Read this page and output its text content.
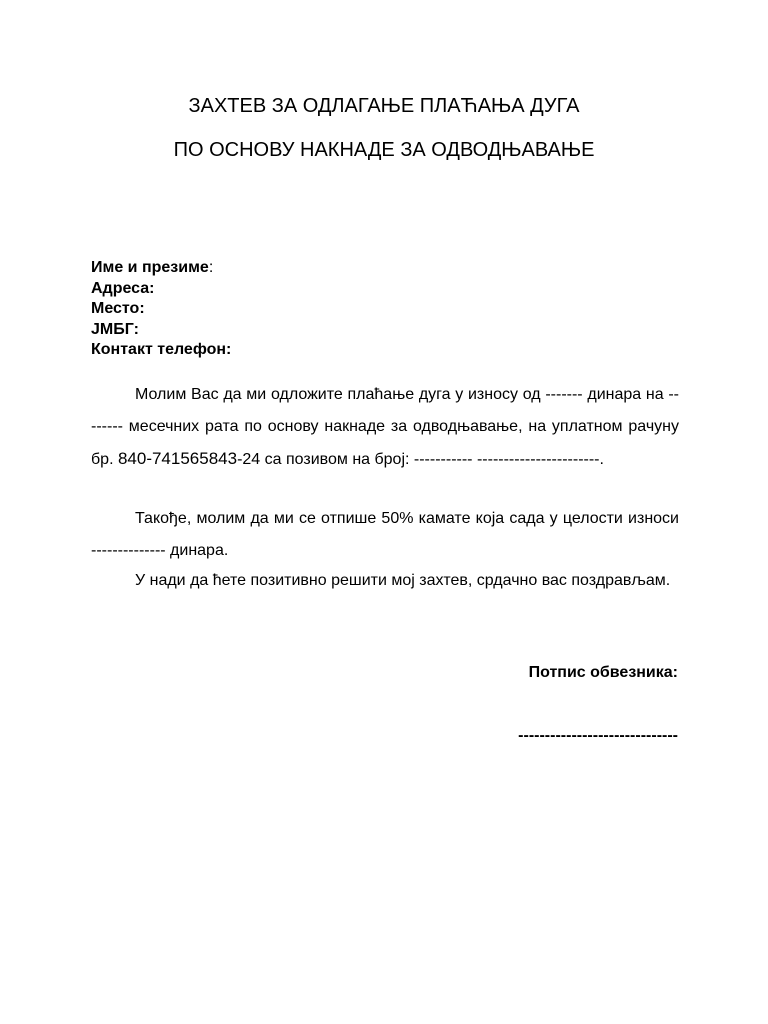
ЗАХТЕВ ЗА ОДЛАГАЊЕ ПЛАЋАЊА ДУГА
ПО ОСНОВУ НАКНАДЕ ЗА ОДВОДЊАВАЊЕ
Име и презиме:
Адреса:
Место:
ЈМБГ:
Контакт телефон:

Молим Вас да ми одложите плаћање дуга у износу од ------- динара на -------- месечних рата по основу накнаде за одводњавање, на уплатном рачуну бр. 840-741565843-24 са позивом на број: ----------- -----------------------.

Такође, молим да ми се отпише 50% камате која сада у целости износи -------------- динара.

У нади да ћете позитивно решити мој захтев, срдачно вас поздрављам.

Потпис обвезника:
------------------------------
